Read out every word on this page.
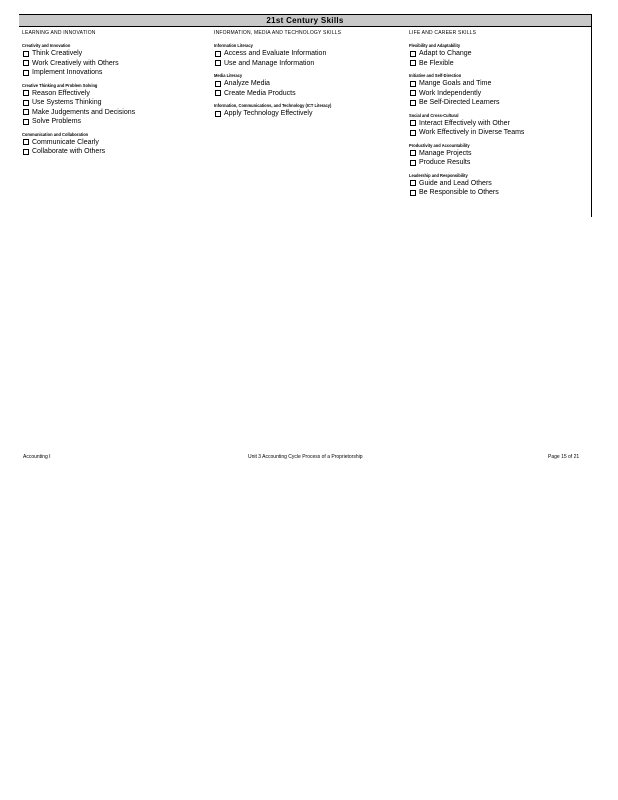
21st Century Skills
LEARNING AND INNOVATION
Creativity and Innovation
Think Creatively
Work Creatively with Others
Implement Innovations
Creative Thinking and Problem Solving
Reason Effectively
Use Systems Thinking
Make Judgements and Decisions
Solve Problems
Communication and Collaboration
Communicate Clearly
Collaborate with Others
INFORMATION, MEDIA AND TECHNOLOGY SKILLS
Information Literacy
Access and Evaluate Information
Use and Manage Information
Media Literacy
Analyze Media
Create Media Products
Information, Communications, and Technology (ICT Literacy)
Apply Technology Effectively
LIFE AND CAREER SKILLS
Flexibility and Adaptability
Adapt to Change
Be Flexible
Initiative and Self-Direction
Mange Goals and Time
Work Independently
Be Self-Directed Learners
Social and Cross-Cultural
Interact Effectively with Other
Work Effectively in Diverse Teams
Productivity and Accountability
Manage Projects
Produce Results
Leadership and Responsibility
Guide and Lead Others
Be Responsible to Others
Accounting I	Unit 3 Accounting Cycle Process of a Proprietorship	Page 15 of 21
